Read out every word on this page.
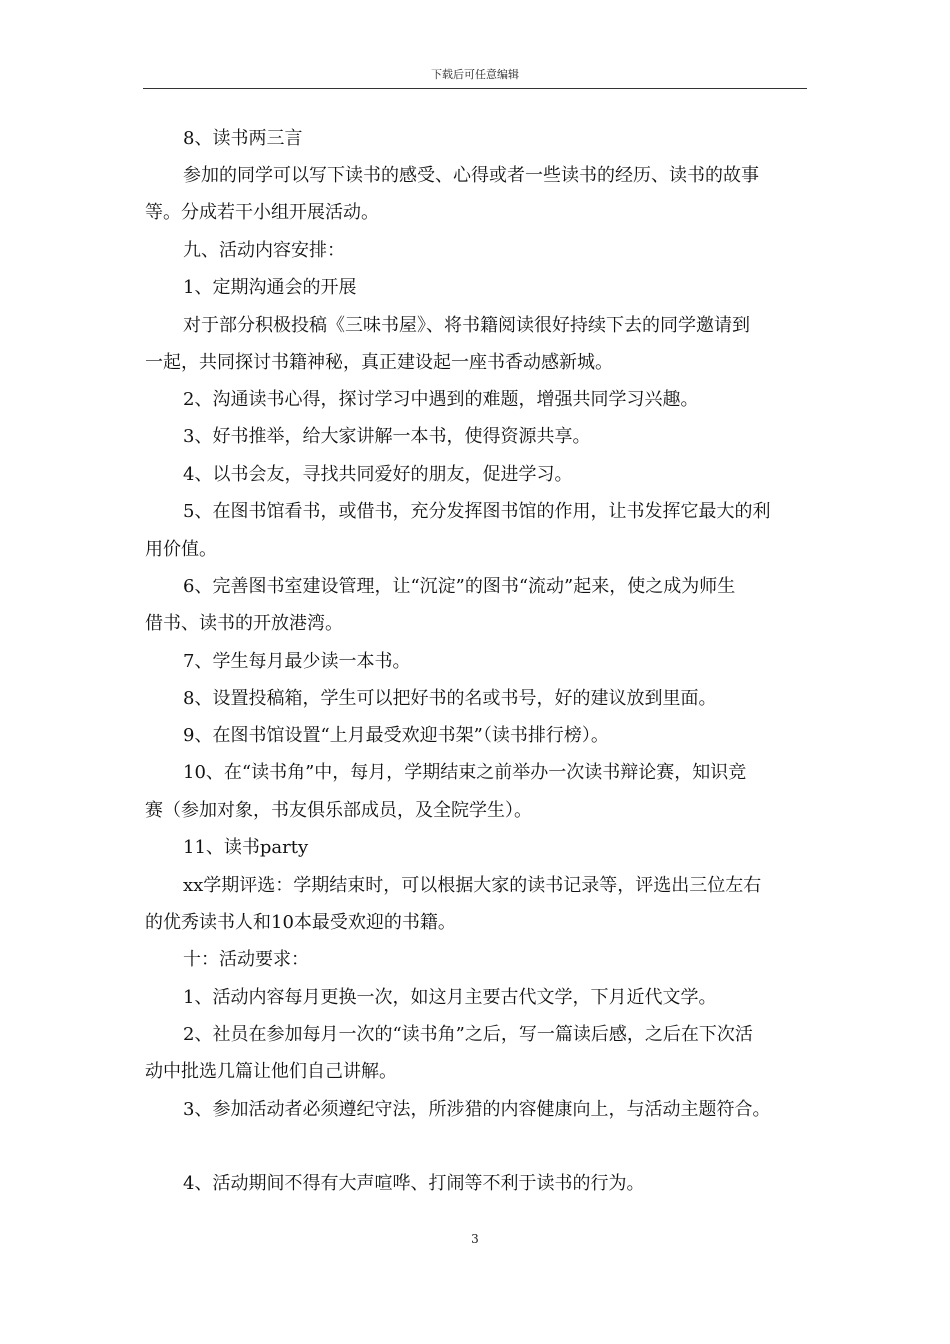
下载后可任意编辑
8、读书两三言
参加的同学可以写下读书的感受、心得或者一些读书的经历、读书的故事
等。分成若干小组开展活动。
九、活动内容安排：
1、定期沟通会的开展
对于部分积极投稿《三味书屋》、将书籍阅读很好持续下去的同学邀请到
一起，共同探讨书籍神秘，真正建设起一座书香动感新城。
2、沟通读书心得，探讨学习中遇到的难题，增强共同学习兴趣。
3、好书推举，给大家讲解一本书，使得资源共享。
4、以书会友，寻找共同爱好的朋友，促进学习。
5、在图书馆看书，或借书，充分发挥图书馆的作用，让书发挥它最大的利
用价值。
6、完善图书室建设管理，让“沉淀”的图书“流动”起来，使之成为师生
借书、读书的开放港湾。
7、学生每月最少读一本书。
8、设置投稿箱，学生可以把好书的名或书号，好的建议放到里面。
9、在图书馆设置“上月最受欢迎书架”（读书排行榜）。
10、在“读书角”中，每月，学期结束之前举办一次读书辩论赛，知识竞
赛（参加对象，书友俱乐部成员，及全院学生）。
11、读书party
xx学期评选：学期结束时，可以根据大家的读书记录等，评选出三位左右
的优秀读书人和10本最受欢迎的书籍。
十：活动要求：
1、活动内容每月更换一次，如这月主要古代文学，下月近代文学。
2、社员在参加每月一次的“读书角”之后，写一篇读后感，之后在下次活
动中批选几篇让他们自己讲解。
3、参加活动者必须遵纪守法，所涉猎的内容健康向上，与活动主题符合。
4、活动期间不得有大声喧哗、打闹等不利于读书的行为。
3
